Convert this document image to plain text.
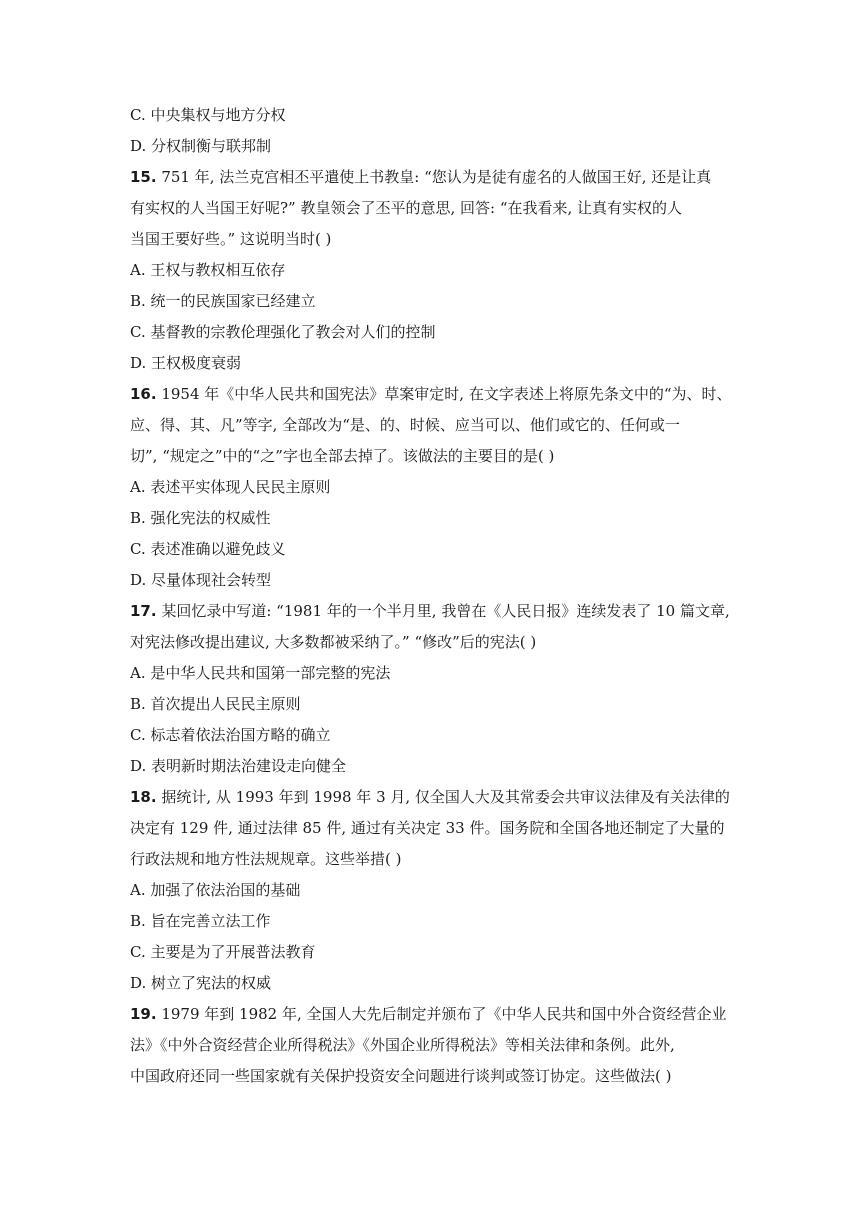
C. 中央集权与地方分权
D. 分权制衡与联邦制
15. 751 年, 法兰克宫相丕平遣使上书教皇: “您认为是徒有虚名的人做国王好, 还是让真
有实权的人当国王好呢?” 教皇领会了丕平的意思, 回答: “在我看来, 让真有实权的人
当国王要好些。” 这说明当时( )
A. 王权与教权相互依存
B. 统一的民族国家已经建立
C. 基督教的宗教伦理强化了教会对人们的控制
D. 王权极度衰弱
16. 1954 年《中华人民共和国宪法》草案审定时, 在文字表述上将原先条文中的“为、时、
应、得、其、凡”等字, 全部改为“是、的、时候、应当可以、他们或它的、任何或一
切”, “规定之”中的“之”字也全部去掉了。该做法的主要目的是( )
A. 表述平实体现人民民主原则
B. 强化宪法的权威性
C. 表述准确以避免歧义
D. 尽量体现社会转型
17. 某回忆录中写道: “1981 年的一个半月里, 我曾在《人民日报》连续发表了 10 篇文章,
对宪法修改提出建议, 大多数都被采纳了。” “修改”后的宪法( )
A. 是中华人民共和国第一部完整的宪法
B. 首次提出人民民主原则
C. 标志着依法治国方略的确立
D. 表明新时期法治建设走向健全
18. 据统计, 从 1993 年到 1998 年 3 月, 仅全国人大及其常委会共审议法律及有关法律的
决定有 129 件, 通过法律 85 件, 通过有关决定 33 件。国务院和全国各地还制定了大量的
行政法规和地方性法规规章。这些举措( )
A. 加强了依法治国的基础
B. 旨在完善立法工作
C. 主要是为了开展普法教育
D. 树立了宪法的权威
19. 1979 年到 1982 年, 全国人大先后制定并颁布了《中华人民共和国中外合资经营企业
法》《中外合资经营企业所得税法》《外国企业所得税法》等相关法律和条例。此外,
中国政府还同一些国家就有关保护投资安全问题进行谈判或签订协定。这些做法( )
